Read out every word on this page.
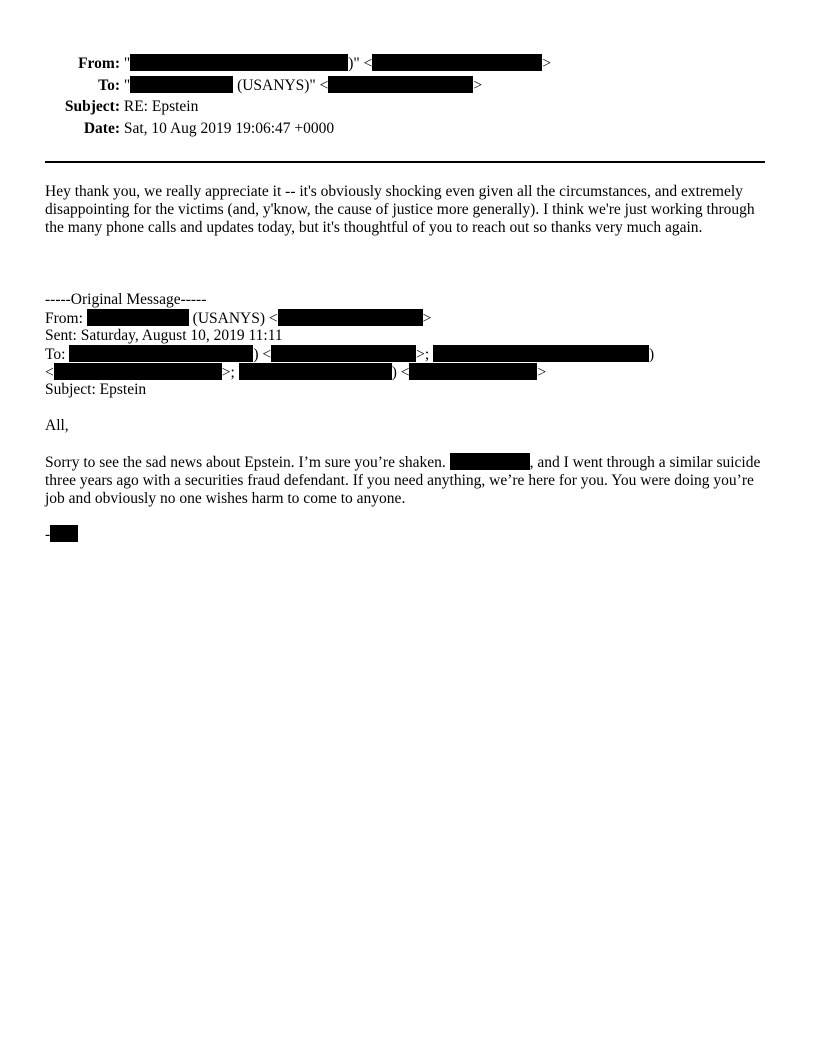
From: "	)" <	>
To: "	(USANYS)" <	>
Subject: RE: Epstein
Date: Sat, 10 Aug 2019 19:06:47 +0000
Hey thank you, we really appreciate it -- it's obviously shocking even given all the circumstances, and extremely disappointing for the victims (and, y'know, the cause of justice more generally). I think we're just working through the many phone calls and updates today, but it's thoughtful of you to reach out so thanks very much again.
-----Original Message-----
From:	(USANYS) <	>
Sent: Saturday, August 10, 2019 11:11
To:	) <	>;	)
<	>;	) <	>
Subject: Epstein
All,
Sorry to see the sad news about Epstein. I’m sure you’re shaken.	, and I went through a similar suicide three years ago with a securities fraud defendant. If you need anything, we’re here for you. You were doing you’re job and obviously no one wishes harm to come to anyone.
-
